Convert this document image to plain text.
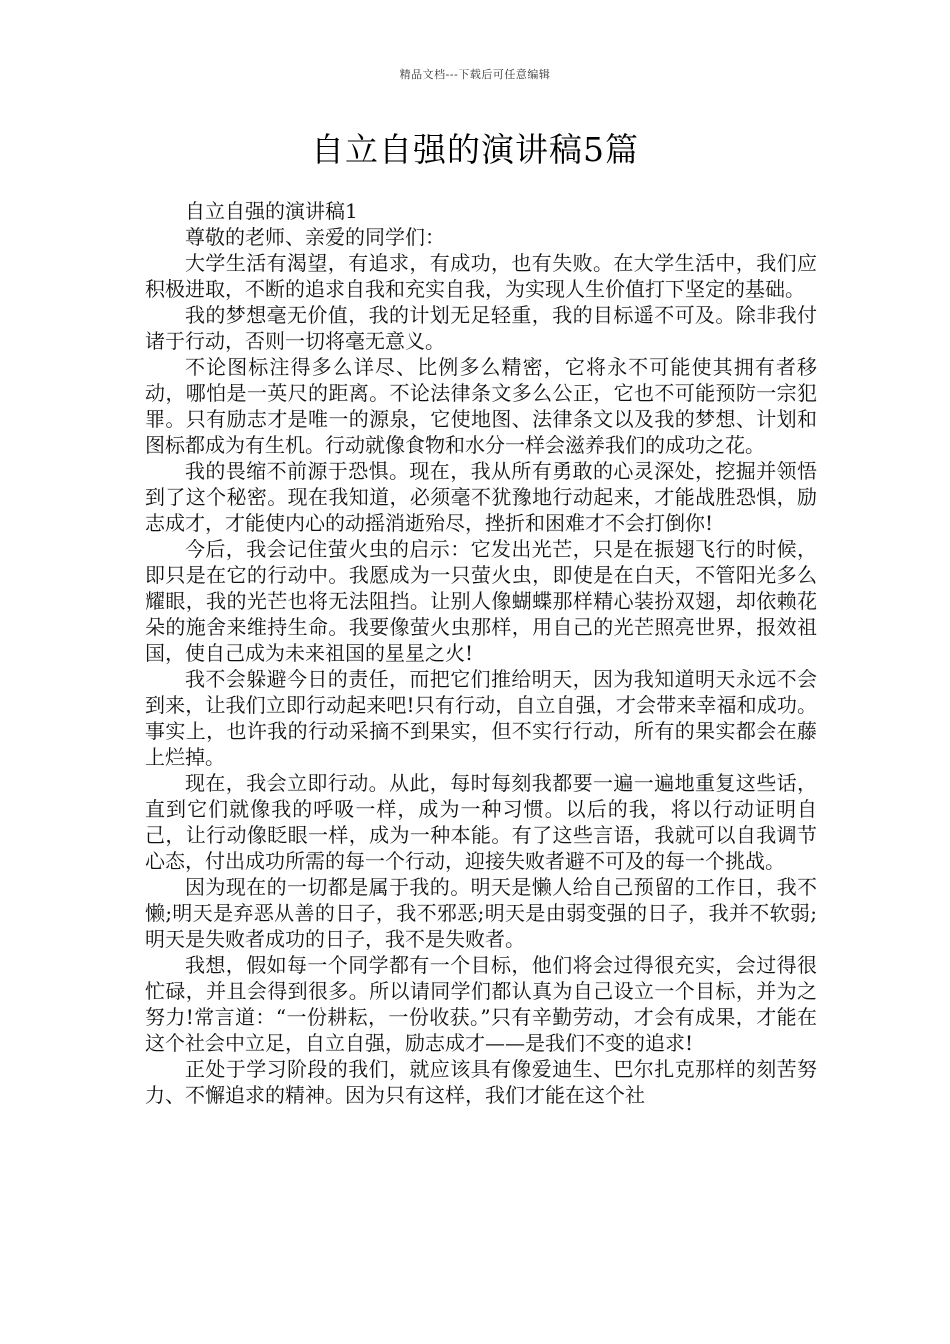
精品文档---下载后可任意编辑
自立自强的演讲稿5篇

自立自强的演讲稿1

尊敬的老师、亲爱的同学们：

大学生活有渴望，有追求，有成功，也有失败。在大学生活中，我们应积极进取，不断的追求自我和充实自我，为实现人生价值打下坚定的基础。

我的梦想毫无价值，我的计划无足轻重，我的目标遥不可及。除非我付诸于行动，否则一切将毫无意义。

不论图标注得多么详尽、比例多么精密，它将永不可能使其拥有者移动，哪怕是一英尺的距离。不论法律条文多么公正，它也不可能预防一宗犯罪。只有励志才是唯一的源泉，它使地图、法律条文以及我的梦想、计划和图标都成为有生机。行动就像食物和水分一样会滋养我们的成功之花。

我的畏缩不前源于恐惧。现在，我从所有勇敢的心灵深处，挖掘并领悟到了这个秘密。现在我知道，必须毫不犹豫地行动起来，才能战胜恐惧，励志成才，才能使内心的动摇消逝殆尽，挫折和困难才不会打倒你!

今后，我会记住萤火虫的启示：它发出光芒，只是在振翅飞行的时候，即只是在它的行动中。我愿成为一只萤火虫，即使是在白天，不管阳光多么耀眼，我的光芒也将无法阻挡。让别人像蝴蝶那样精心装扮双翅，却依赖花朵的施舍来维持生命。我要像萤火虫那样，用自己的光芒照亮世界，报效祖国，使自己成为未来祖国的星星之火!

我不会躲避今日的责任，而把它们推给明天，因为我知道明天永远不会到来，让我们立即行动起来吧!只有行动，自立自强，才会带来幸福和成功。事实上，也许我的行动采摘不到果实，但不实行行动，所有的果实都会在藤上烂掉。

现在，我会立即行动。从此，每时每刻我都要一遍一遍地重复这些话，直到它们就像我的呼吸一样，成为一种习惯。以后的我，将以行动证明自己，让行动像眨眼一样，成为一种本能。有了这些言语，我就可以自我调节心态，付出成功所需的每一个行动，迎接失败者避不可及的每一个挑战。

因为现在的一切都是属于我的。明天是懒人给自己预留的工作日，我不懒;明天是弃恶从善的日子，我不邪恶;明天是由弱变强的日子，我并不软弱;明天是失败者成功的日子，我不是失败者。

我想，假如每一个同学都有一个目标，他们将会过得很充实，会过得很忙碌，并且会得到很多。所以请同学们都认真为自己设立一个目标，并为之努力!常言道：“一份耕耘，一份收获。”只有辛勤劳动，才会有成果，才能在这个社会中立足，自立自强，励志成才——是我们不变的追求!

正处于学习阶段的我们，就应该具有像爱迪生、巴尔扎克那样的刻苦努力、不懈追求的精神。因为只有这样，我们才能在这个社
